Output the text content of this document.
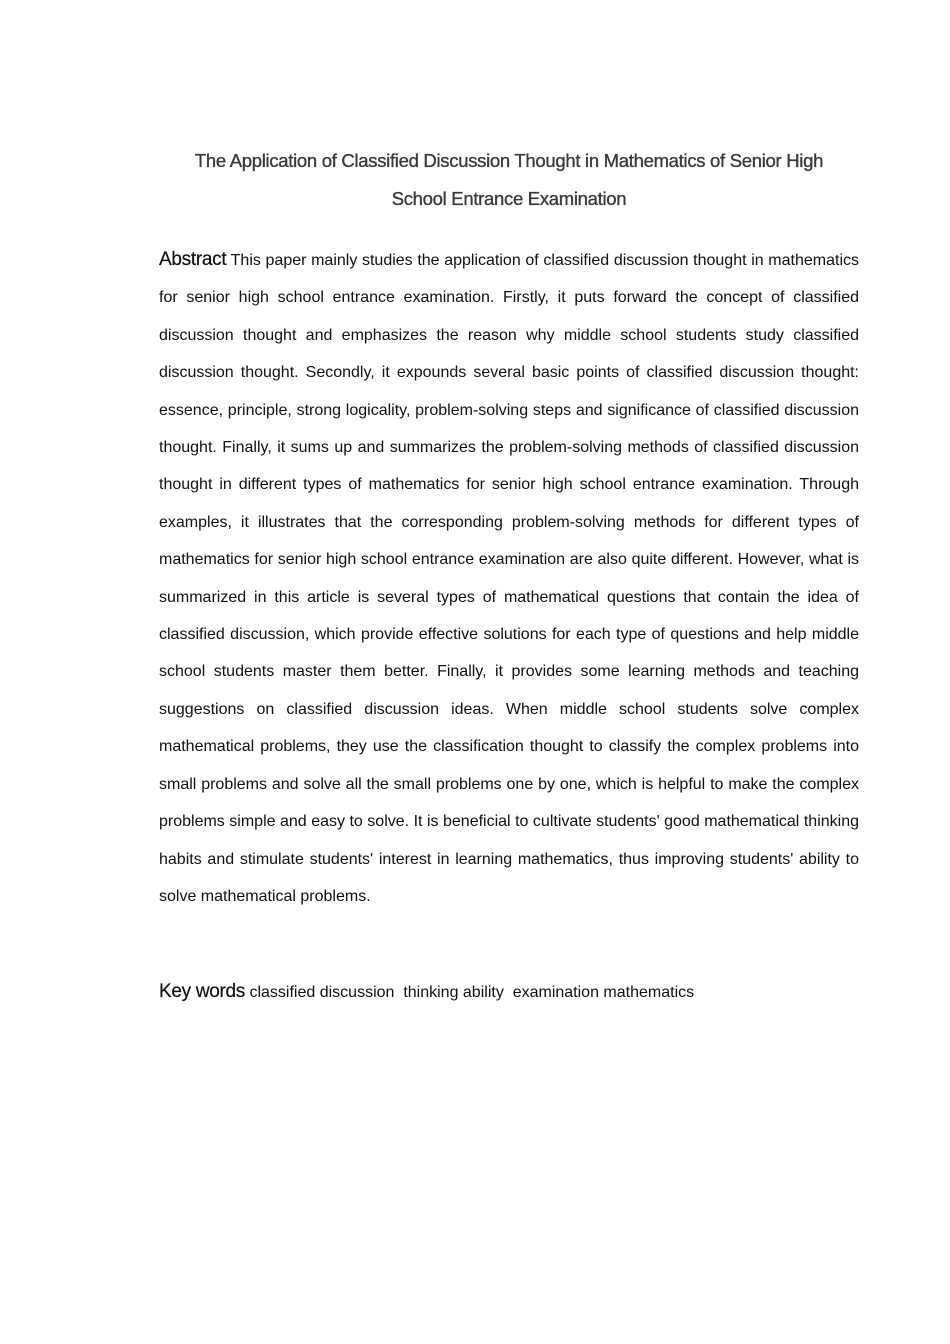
The Application of Classified Discussion Thought in Mathematics of Senior High
School Entrance Examination

Abstract This paper mainly studies the application of classified discussion thought in mathematics for senior high school entrance examination. Firstly, it puts forward the concept of classified discussion thought and emphasizes the reason why middle school students study classified discussion thought. Secondly, it expounds several basic points of classified discussion thought: essence, principle, strong logicality, problem-solving steps and significance of classified discussion thought. Finally, it sums up and summarizes the problem-solving methods of classified discussion thought in different types of mathematics for senior high school entrance examination. Through examples, it illustrates that the corresponding problem-solving methods for different types of mathematics for senior high school entrance examination are also quite different. However, what is summarized in this article is several types of mathematical questions that contain the idea of classified discussion, which provide effective solutions for each type of questions and help middle school students master them better. Finally, it provides some learning methods and teaching suggestions on classified discussion ideas. When middle school students solve complex mathematical problems, they use the classification thought to classify the complex problems into small problems and solve all the small problems one by one, which is helpful to make the complex problems simple and easy to solve. It is beneficial to cultivate students' good mathematical thinking habits and stimulate students' interest in learning mathematics, thus improving students' ability to solve mathematical problems.

Key words classified discussion  thinking ability  examination mathematics
